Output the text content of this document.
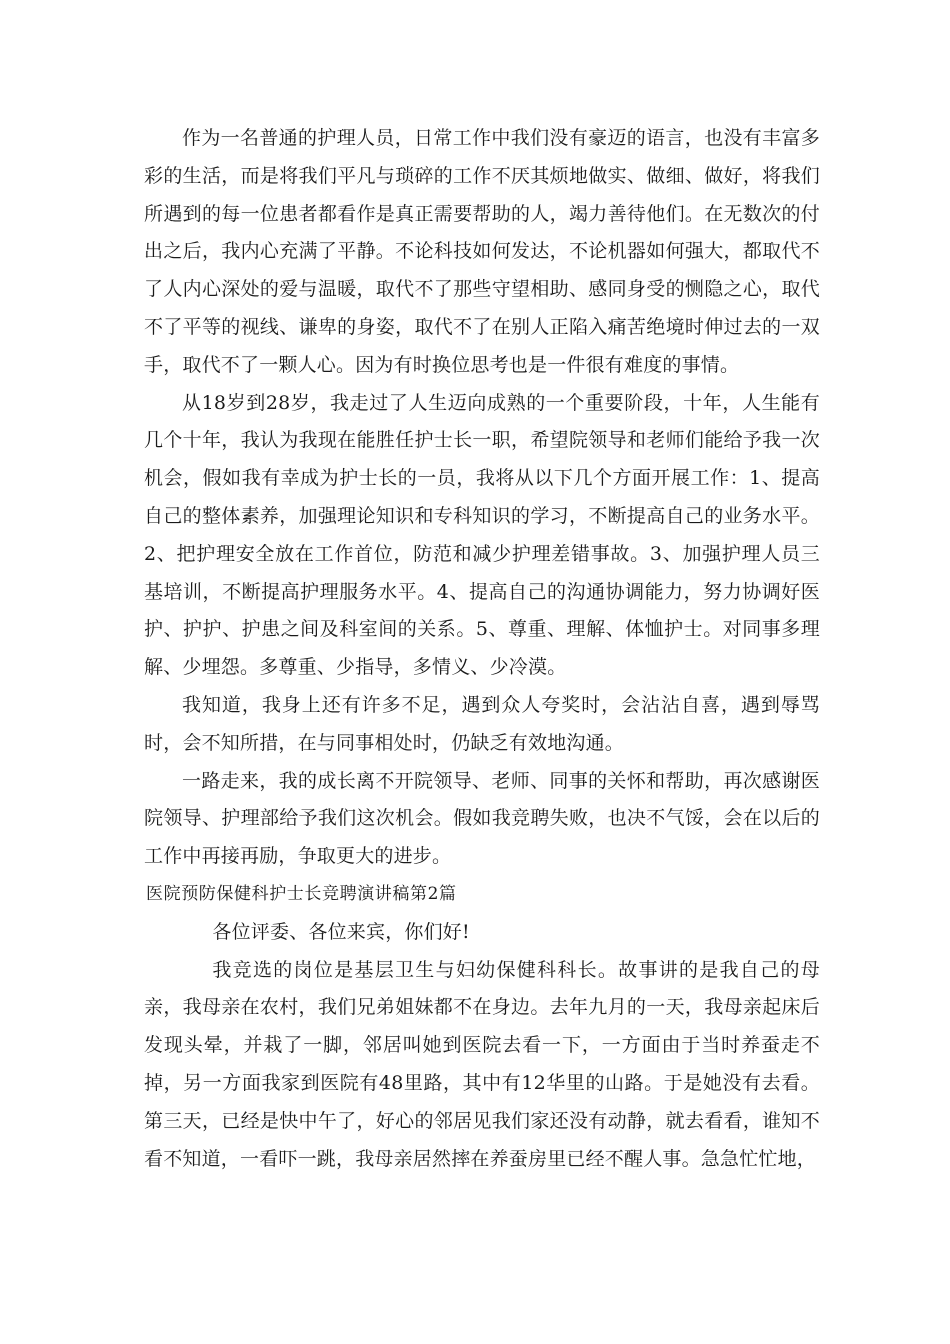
作为一名普通的护理人员，日常工作中我们没有豪迈的语言，也没有丰富多彩的生活，而是将我们平凡与琐碎的工作不厌其烦地做实、做细、做好，将我们所遇到的每一位患者都看作是真正需要帮助的人，竭力善待他们。在无数次的付出之后，我内心充满了平静。不论科技如何发达，不论机器如何强大，都取代不了人内心深处的爱与温暖，取代不了那些守望相助、感同身受的恻隐之心，取代不了平等的视线、谦卑的身姿，取代不了在别人正陷入痛苦绝境时伸过去的一双手，取代不了一颗人心。因为有时换位思考也是一件很有难度的事情。

从18岁到28岁，我走过了人生迈向成熟的一个重要阶段，十年，人生能有几个十年，我认为我现在能胜任护士长一职，希望院领导和老师们能给予我一次机会，假如我有幸成为护士长的一员，我将从以下几个方面开展工作：1、提高自己的整体素养，加强理论知识和专科知识的学习，不断提高自己的业务水平。2、把护理安全放在工作首位，防范和减少护理差错事故。3、加强护理人员三基培训，不断提高护理服务水平。4、提高自己的沟通协调能力，努力协调好医护、护护、护患之间及科室间的关系。5、尊重、理解、体恤护士。对同事多理解、少埋怨。多尊重、少指导，多情义、少冷漠。

我知道，我身上还有许多不足，遇到众人夸奖时，会沾沾自喜，遇到辱骂时，会不知所措，在与同事相处时，仍缺乏有效地沟通。

一路走来，我的成长离不开院领导、老师、同事的关怀和帮助，再次感谢医院领导、护理部给予我们这次机会。假如我竞聘失败，也决不气馁，会在以后的工作中再接再励，争取更大的进步。

医院预防保健科护士长竞聘演讲稿第2篇

各位评委、各位来宾，你们好!

我竞选的岗位是基层卫生与妇幼保健科科长。故事讲的是我自己的母亲，我母亲在农村，我们兄弟姐妹都不在身边。去年九月的一天，我母亲起床后发现头晕，并栽了一脚，邻居叫她到医院去看一下，一方面由于当时养蚕走不掉，另一方面我家到医院有48里路，其中有12华里的山路。于是她没有去看。第三天，已经是快中午了，好心的邻居见我们家还没有动静，就去看看，谁知不看不知道，一看吓一跳，我母亲居然摔在养蚕房里已经不醒人事。急急忙忙地，
